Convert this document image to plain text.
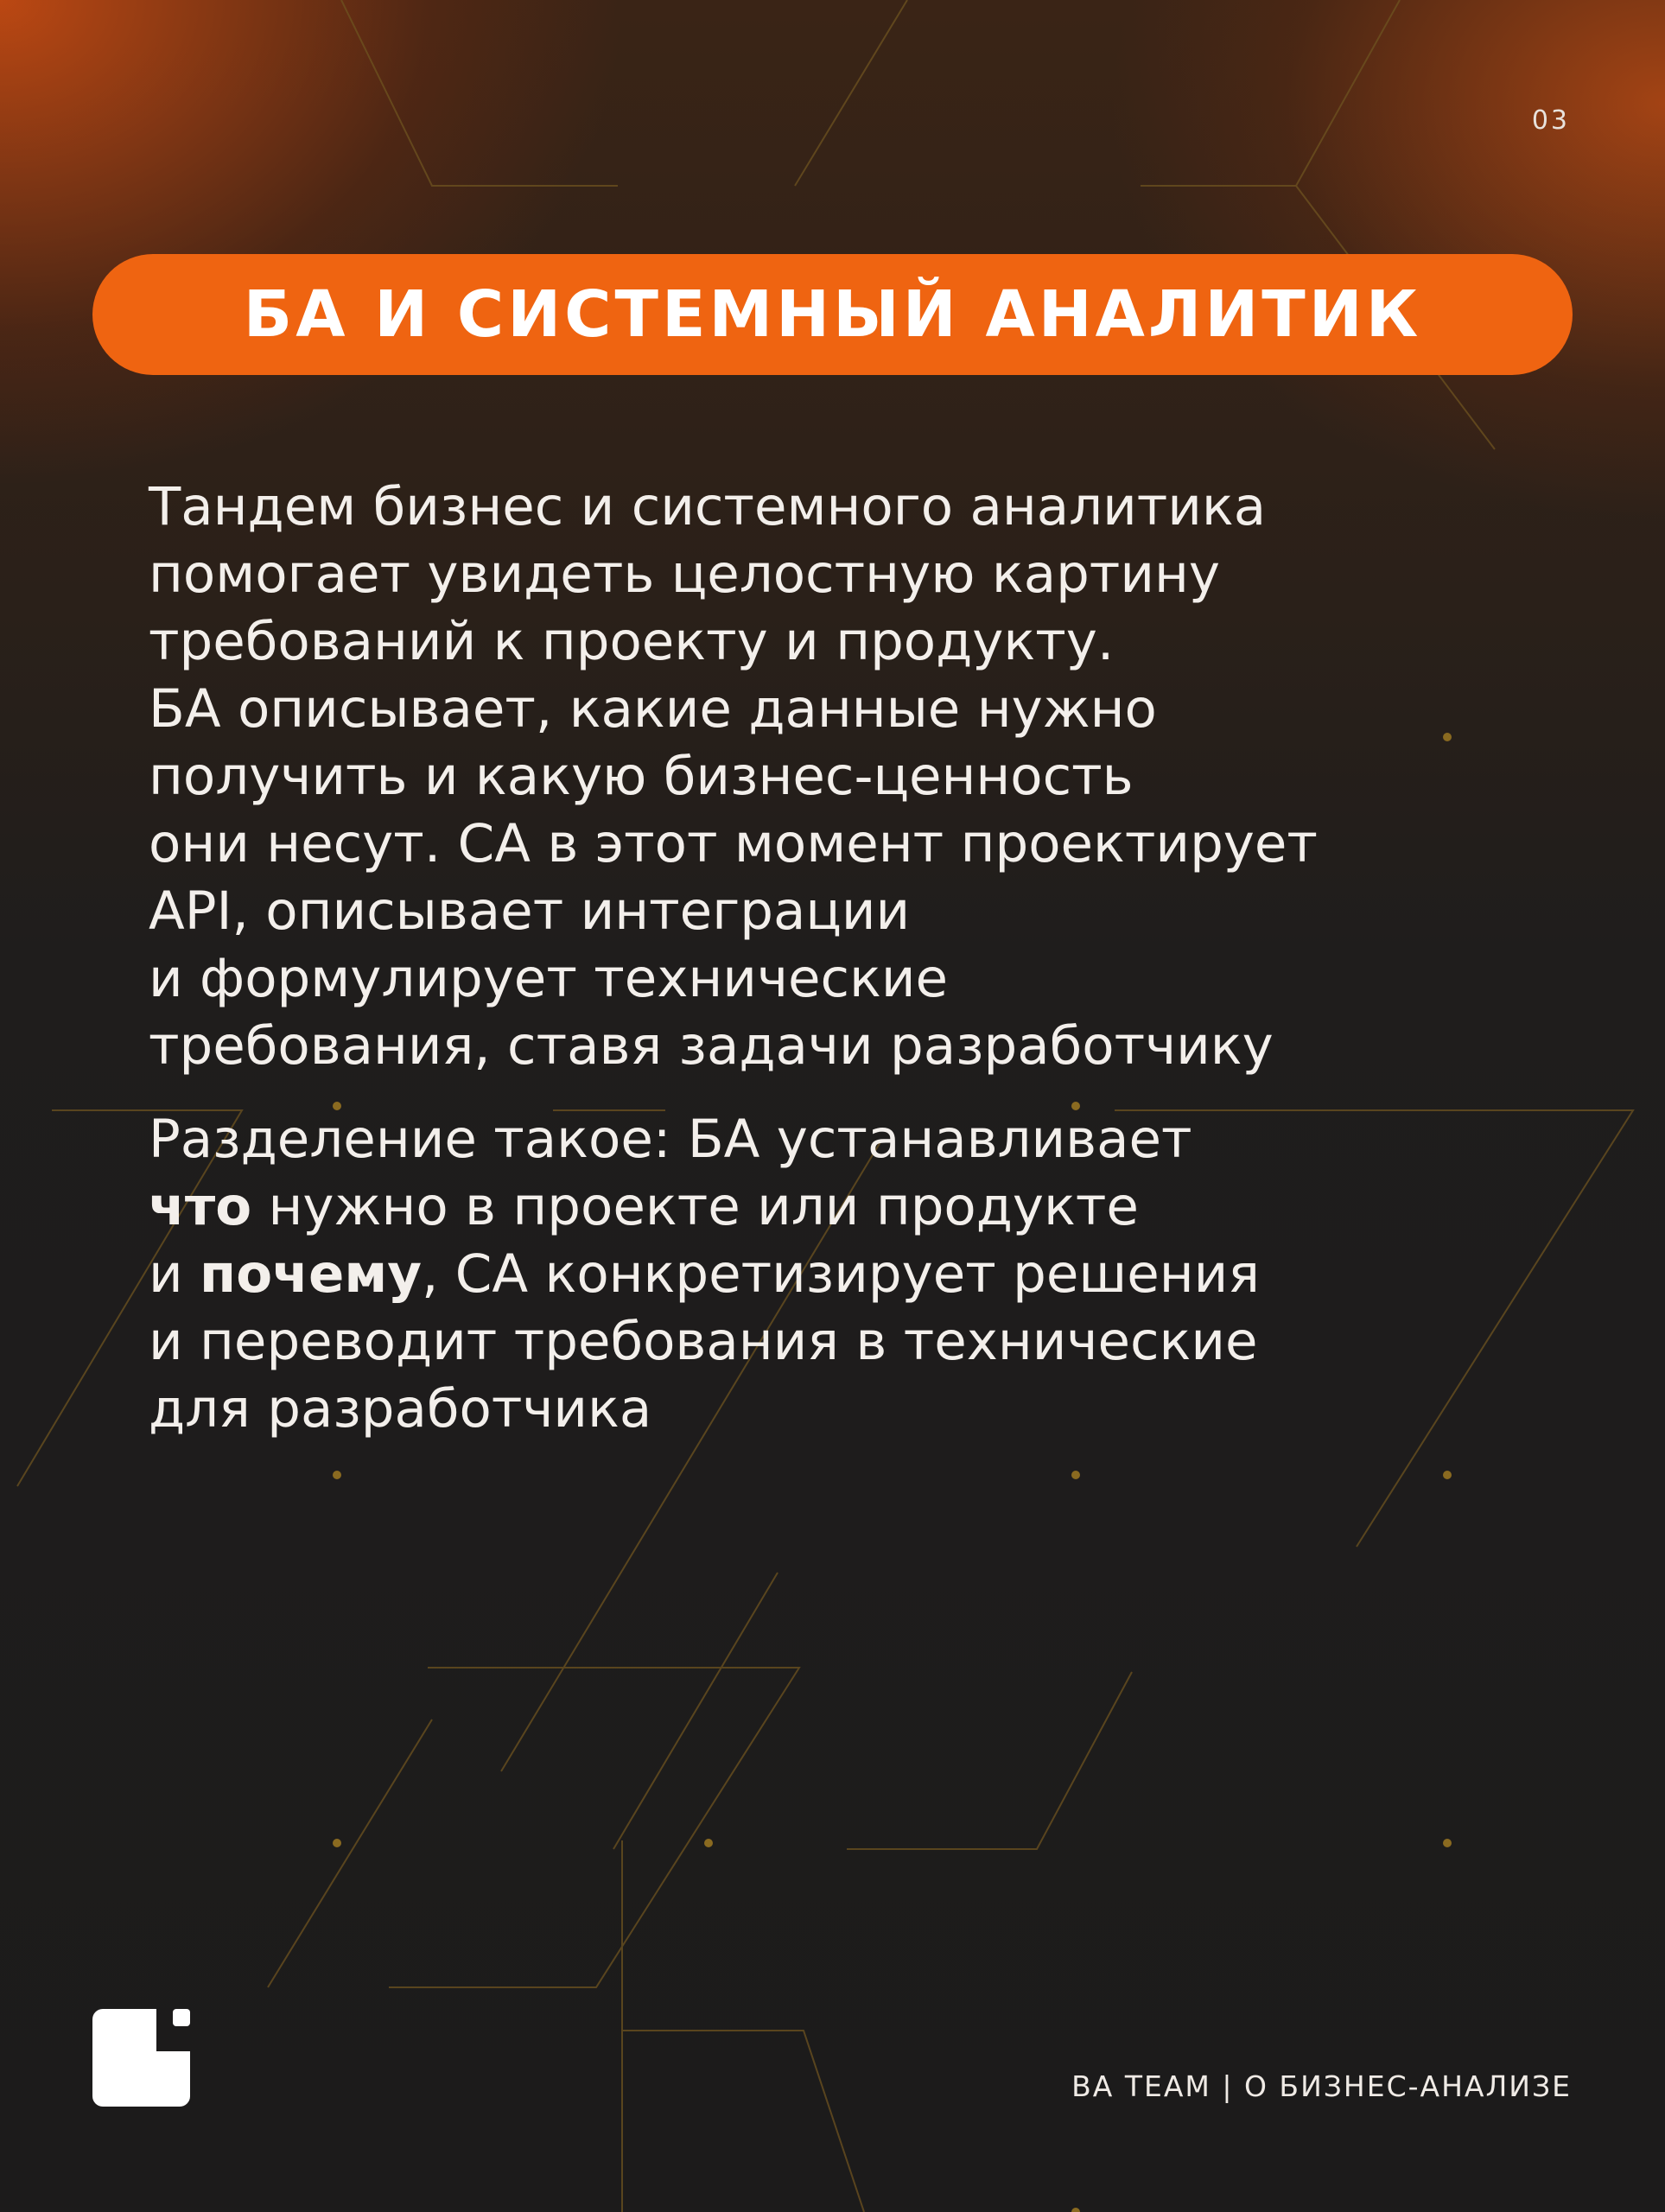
03
БА И СИСТЕМНЫЙ АНАЛИТИК

Тандем бизнес и системного аналитика
помогает увидеть целостную картину
требований к проекту и продукту.
БА описывает, какие данные нужно
получить и какую бизнес-ценность
они несут. СА в этот момент проектирует
API, описывает интеграции
и формулирует технические
требования, ставя задачи разработчику

Разделение такое: БА устанавливает
что нужно в проекте или продукте
и почему, СА конкретизирует решения
и переводит требования в технические
для разработчика

BA TEAM | О БИЗНЕС-АНАЛИЗЕ
